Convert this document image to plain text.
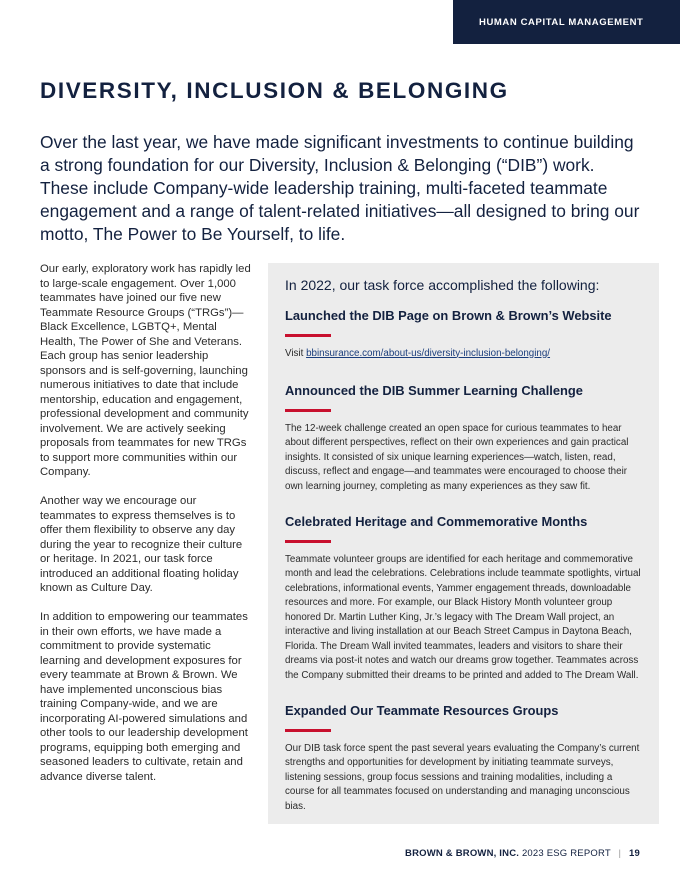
HUMAN CAPITAL MANAGEMENT
DIVERSITY, INCLUSION & BELONGING

Over the last year, we have made significant investments to continue building a strong foundation for our Diversity, Inclusion & Belonging (“DIB”) work. These include Company-wide leadership training, multi-faceted teammate engagement and a range of talent-related initiatives—all designed to bring our motto, The Power to Be Yourself, to life.

Our early, exploratory work has rapidly led to large-scale engagement. Over 1,000 teammates have joined our five new Teammate Resource Groups (“TRGs”)—Black Excellence, LGBTQ+, Mental Health, The Power of She and Veterans. Each group has senior leadership sponsors and is self-governing, launching numerous initiatives to date that include mentorship, education and engagement, professional development and community involvement. We are actively seeking proposals from teammates for new TRGs to support more communities within our Company.

Another way we encourage our teammates to express themselves is to offer them flexibility to observe any day during the year to recognize their culture or heritage. In 2021, our task force introduced an additional floating holiday known as Culture Day.

In addition to empowering our teammates in their own efforts, we have made a commitment to provide systematic learning and development exposures for every teammate at Brown & Brown. We have implemented unconscious bias training Company-wide, and we are incorporating AI-powered simulations and other tools to our leadership development programs, equipping both emerging and seasoned leaders to cultivate, retain and advance diverse talent.

In 2022, our task force accomplished the following:

Launched the DIB Page on Brown & Brown’s Website

Visit bbinsurance.com/about-us/diversity-inclusion-belonging/

Announced the DIB Summer Learning Challenge

The 12-week challenge created an open space for curious teammates to hear about different perspectives, reflect on their own experiences and gain practical insights. It consisted of six unique learning experiences—watch, listen, read, discuss, reflect and engage—and teammates were encouraged to choose their own learning journey, completing as many experiences as they saw fit.

Celebrated Heritage and Commemorative Months

Teammate volunteer groups are identified for each heritage and commemorative month and lead the celebrations. Celebrations include teammate spotlights, virtual celebrations, informational events, Yammer engagement threads, downloadable resources and more. For example, our Black History Month volunteer group honored Dr. Martin Luther King, Jr.’s legacy with The Dream Wall project, an interactive and living installation at our Beach Street Campus in Daytona Beach, Florida. The Dream Wall invited teammates, leaders and visitors to share their dreams via post-it notes and watch our dreams grow together. Teammates across the Company submitted their dreams to be printed and added to The Dream Wall.

Expanded Our Teammate Resources Groups

Our DIB task force spent the past several years evaluating the Company’s current strengths and opportunities for development by initiating teammate surveys, listening sessions, group focus sessions and training modalities, including a course for all teammates focused on understanding and managing unconscious bias.

BROWN & BROWN, INC. 2023 ESG REPORT | 19
